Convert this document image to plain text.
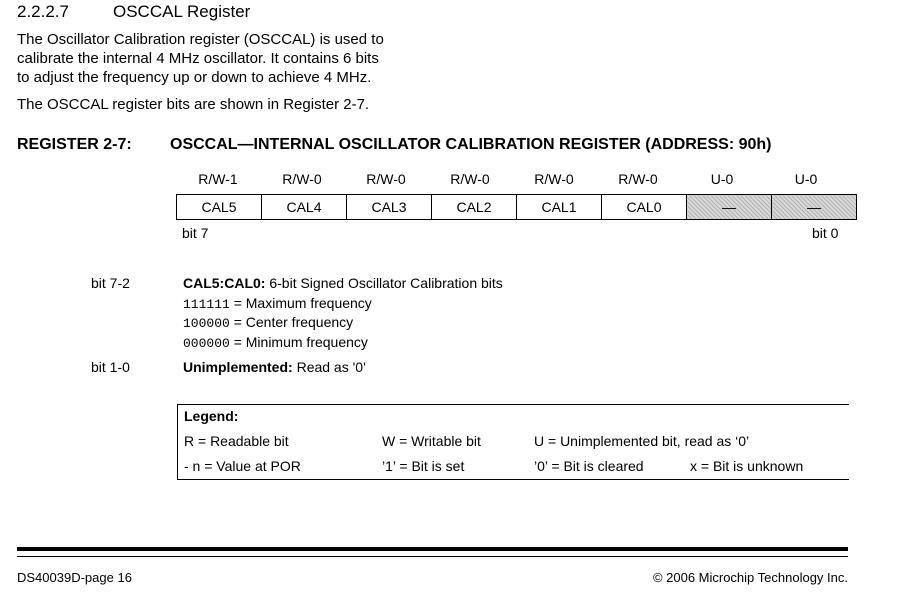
2.2.2.7	OSCCAL Register
The Oscillator Calibration register (OSCCAL) is used to
calibrate the internal 4 MHz oscillator. It contains 6 bits
to adjust the frequency up or down to achieve 4 MHz.
The OSCCAL register bits are shown in Register 2-7.
REGISTER 2-7: OSCCAL—INTERNAL OSCILLATOR CALIBRATION REGISTER (ADDRESS: 90h)
R/W-1	R/W-0	R/W-0	R/W-0	R/W-0	R/W-0	U-0	U-0
CAL5	CAL4	CAL3	CAL2	CAL1	CAL0	—	—
bit 7	bit 0
bit 7-2	CAL5:CAL0: 6-bit Signed Oscillator Calibration bits
111111 = Maximum frequency
100000 = Center frequency
000000 = Minimum frequency
bit 1-0	Unimplemented: Read as '0'
Legend:
R = Readable bit	W = Writable bit	U = Unimplemented bit, read as ‘0’
- n = Value at POR	’1’ = Bit is set	’0’ = Bit is cleared	x = Bit is unknown
DS40039D-page 16	© 2006 Microchip Technology Inc.
